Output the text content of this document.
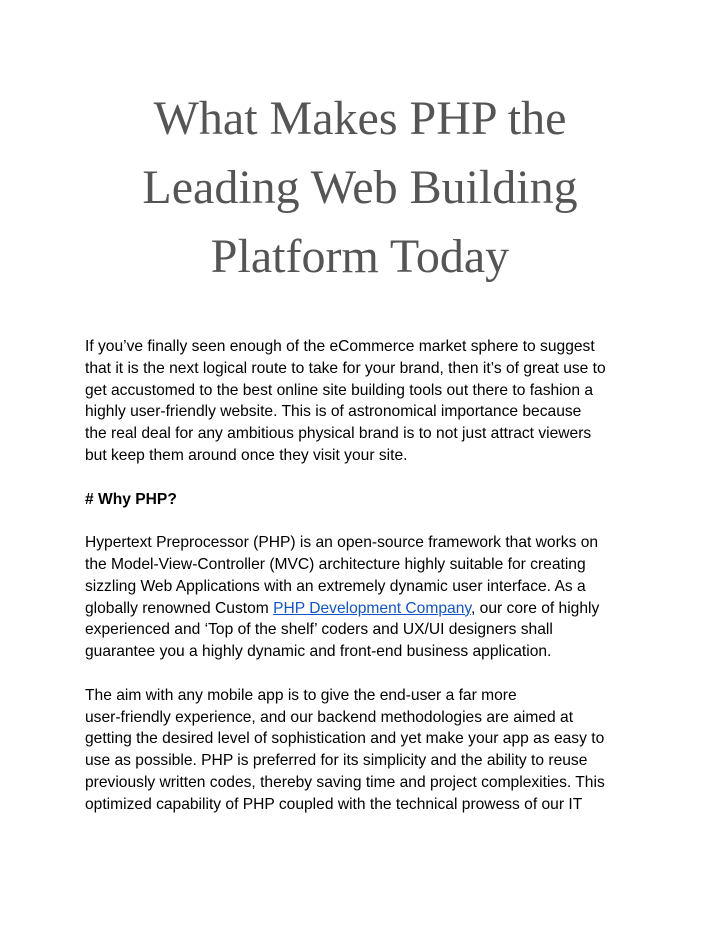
What Makes PHP the
Leading Web Building
Platform Today

If you’ve finally seen enough of the eCommerce market sphere to suggest
that it is the next logical route to take for your brand, then it’s of great use to
get accustomed to the best online site building tools out there to fashion a
highly user-friendly website. This is of astronomical importance because
the real deal for any ambitious physical brand is to not just attract viewers
but keep them around once they visit your site.

# Why PHP?

Hypertext Preprocessor (PHP) is an open-source framework that works on
the Model-View-Controller (MVC) architecture highly suitable for creating
sizzling Web Applications with an extremely dynamic user interface. As a
globally renowned Custom PHP Development Company, our core of highly
experienced and ‘Top of the shelf’ coders and UX/UI designers shall
guarantee you a highly dynamic and front-end business application.

The aim with any mobile app is to give the end-user a far more
user-friendly experience, and our backend methodologies are aimed at
getting the desired level of sophistication and yet make your app as easy to
use as possible. PHP is preferred for its simplicity and the ability to reuse
previously written codes, thereby saving time and project complexities. This
optimized capability of PHP coupled with the technical prowess of our IT
